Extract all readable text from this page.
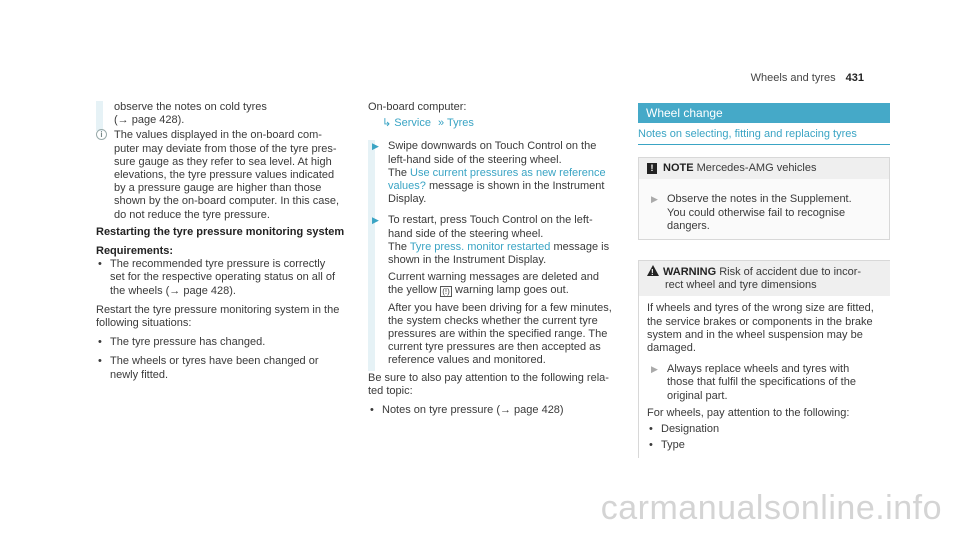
Wheels and tyres 431
observe the notes on cold tyres
(→ page 428).
i	The values displayed in the on-board com-
puter may deviate from those of the tyre pres-
sure gauge as they refer to sea level. At high
elevations, the tyre pressure values indicated
by a pressure gauge are higher than those
shown by the on-board computer. In this case,
do not reduce the tyre pressure.
Restarting the tyre pressure monitoring system
Requirements:
• The recommended tyre pressure is correctly
set for the respective operating status on all of
the wheels (→ page 428).
Restart the tyre pressure monitoring system in the
following situations:
• The tyre pressure has changed.
• The wheels or tyres have been changed or
newly fitted.
On-board computer:
↳ Service » Tyres
▶ Swipe downwards on Touch Control on the
left-hand side of the steering wheel.
The Use current pressures as new reference
values? message is shown in the Instrument
Display.
▶ To restart, press Touch Control on the left-
hand side of the steering wheel.
The Tyre press. monitor restarted message is
shown in the Instrument Display.
Current warning messages are deleted and
the yellow (!) warning lamp goes out.
After you have been driving for a few minutes,
the system checks whether the current tyre
pressures are within the specified range. The
current tyre pressures are then accepted as
reference values and monitored.
Be sure to also pay attention to the following rela-
ted topic:
• Notes on tyre pressure (→ page 428)
Wheel change
Notes on selecting, fitting and replacing tyres
! NOTE Mercedes-AMG vehicles
▶ Observe the notes in the Supplement.
You could otherwise fail to recognise
dangers.
!WARNING Risk of accident due to incor-
rect wheel and tyre dimensions
If wheels and tyres of the wrong size are fitted,
the service brakes or components in the brake
system and in the wheel suspension may be
damaged.
▶ Always replace wheels and tyres with
those that fulfil the specifications of the
original part.
For wheels, pay attention to the following:
• Designation
• Type
carmanualsonline.info
